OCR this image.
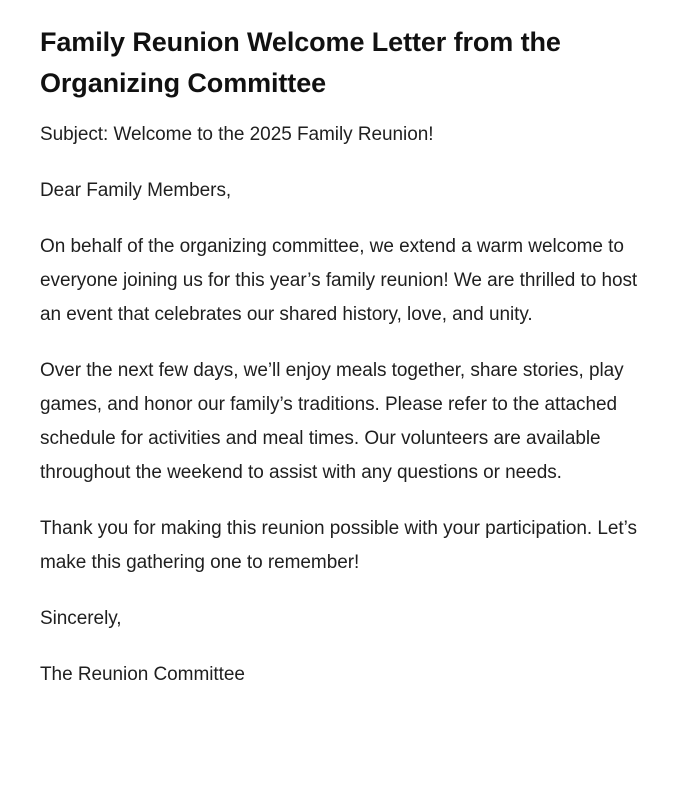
Family Reunion Welcome Letter from the Organizing Committee

Subject: Welcome to the 2025 Family Reunion!

Dear Family Members,

On behalf of the organizing committee, we extend a warm welcome to everyone joining us for this year’s family reunion! We are thrilled to host an event that celebrates our shared history, love, and unity.

Over the next few days, we’ll enjoy meals together, share stories, play games, and honor our family’s traditions. Please refer to the attached schedule for activities and meal times. Our volunteers are available throughout the weekend to assist with any questions or needs.

Thank you for making this reunion possible with your participation. Let’s make this gathering one to remember!

Sincerely,

The Reunion Committee
